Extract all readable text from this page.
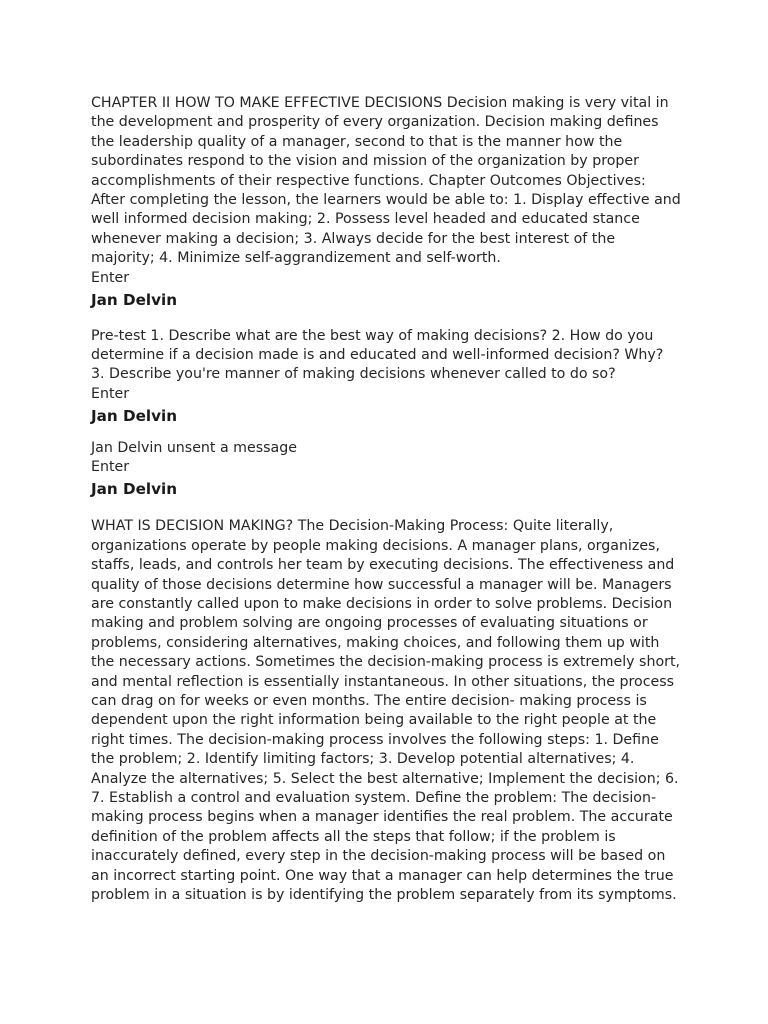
CHAPTER II HOW TO MAKE EFFECTIVE DECISIONS Decision making is very vital in the development and prosperity of every organization. Decision making defines the leadership quality of a manager, second to that is the manner how the subordinates respond to the vision and mission of the organization by proper accomplishments of their respective functions. Chapter Outcomes Objectives: After completing the lesson, the learners would be able to: 1. Display effective and well informed decision making; 2. Possess level headed and educated stance whenever making a decision; 3. Always decide for the best interest of the majority; 4. Minimize self-aggrandizement and self-worth.

Enter

Jan Delvin

Pre-test 1. Describe what are the best way of making decisions? 2. How do you determine if a decision made is and educated and well-informed decision? Why? 3. Describe you're manner of making decisions whenever called to do so?

Enter

Jan Delvin

Jan Delvin unsent a message

Enter

Jan Delvin

WHAT IS DECISION MAKING? The Decision-Making Process: Quite literally, organizations operate by people making decisions. A manager plans, organizes, staffs, leads, and controls her team by executing decisions. The effectiveness and quality of those decisions determine how successful a manager will be. Managers are constantly called upon to make decisions in order to solve problems. Decision making and problem solving are ongoing processes of evaluating situations or problems, considering alternatives, making choices, and following them up with the necessary actions. Sometimes the decision-making process is extremely short, and mental reflection is essentially instantaneous. In other situations, the process can drag on for weeks or even months. The entire decision- making process is dependent upon the right information being available to the right people at the right times. The decision-making process involves the following steps: 1. Define the problem; 2. Identify limiting factors; 3. Develop potential alternatives; 4. Analyze the alternatives; 5. Select the best alternative; Implement the decision; 6. 7. Establish a control and evaluation system. Define the problem: The decision-making process begins when a manager identifies the real problem. The accurate definition of the problem affects all the steps that follow; if the problem is inaccurately defined, every step in the decision-making process will be based on an incorrect starting point. One way that a manager can help determines the true problem in a situation is by identifying the problem separately from its symptoms.
